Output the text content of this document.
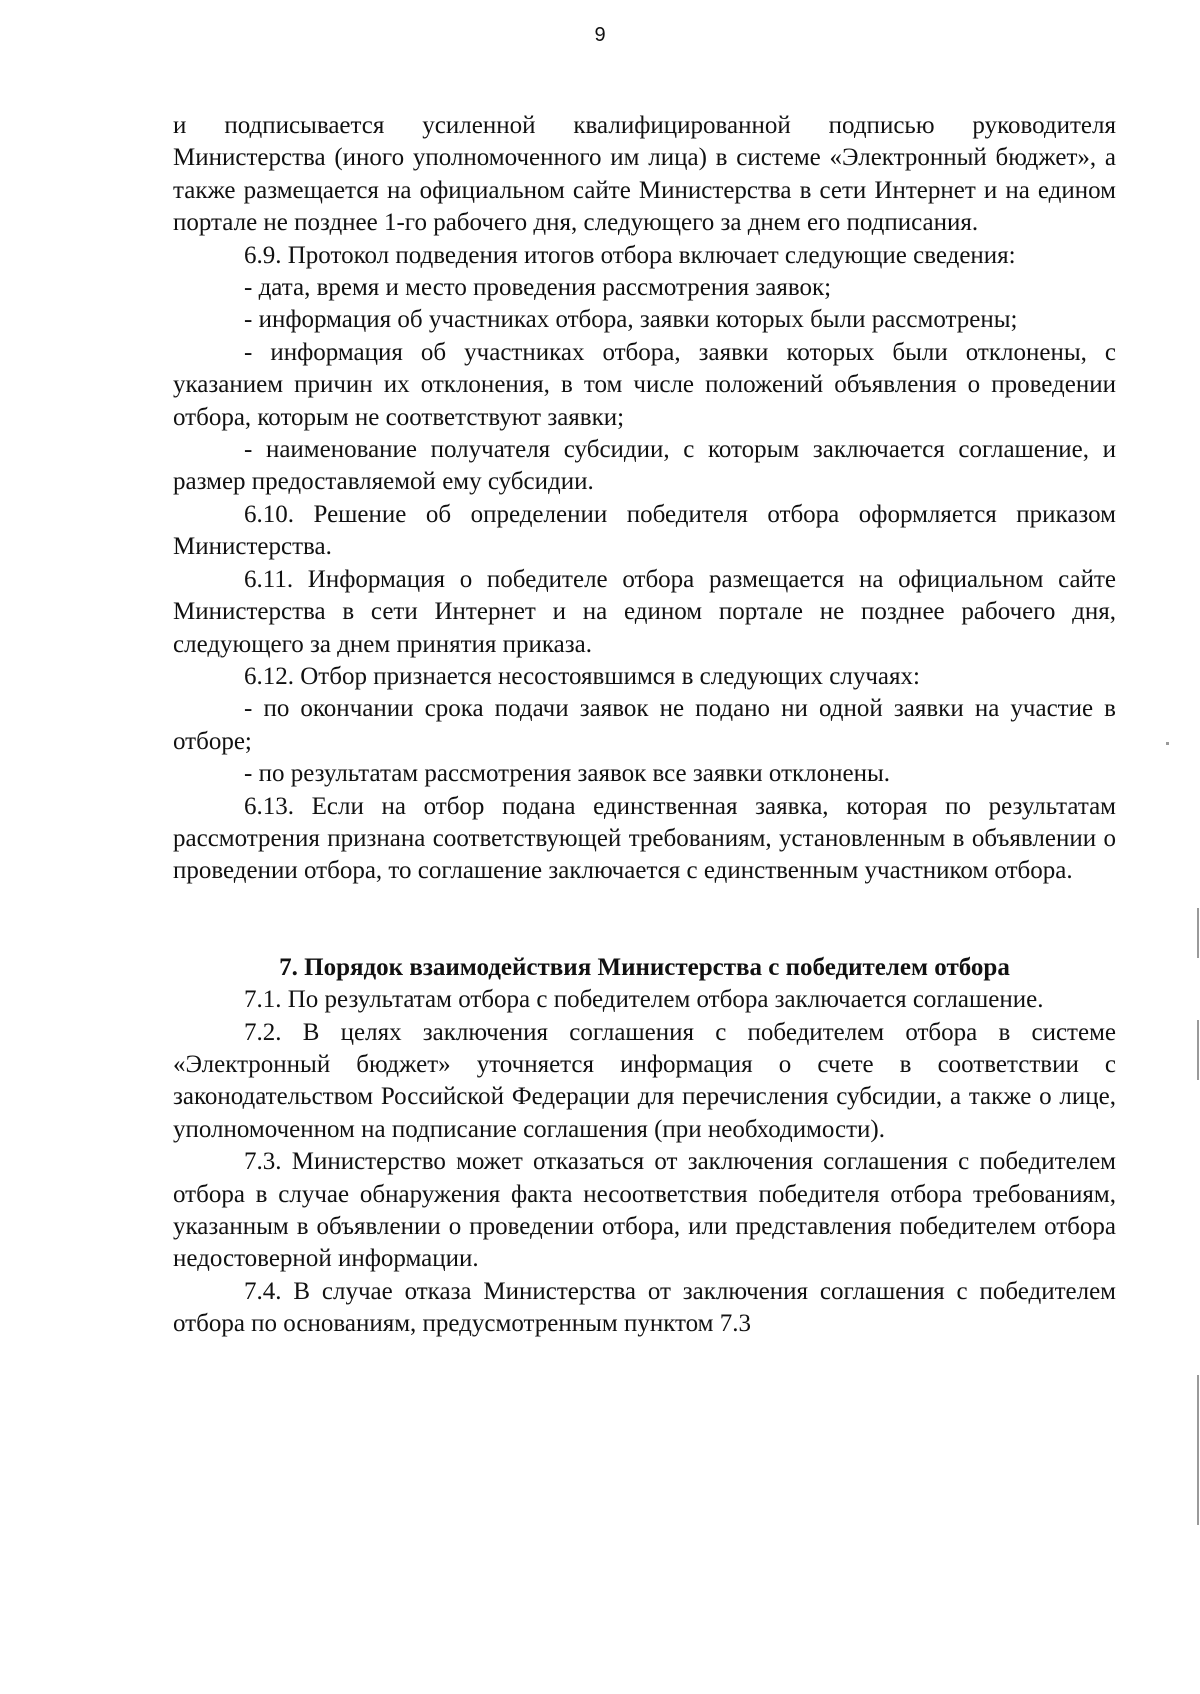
9

и подписывается усиленной квалифицированной подписью руководителя Министерства (иного уполномоченного им лица) в системе «Электронный бюджет», а также размещается на официальном сайте Министерства в сети Интернет и на едином портале не позднее 1-го рабочего дня, следующего за днем его подписания.

6.9. Протокол подведения итогов отбора включает следующие сведения:

- дата, время и место проведения рассмотрения заявок;

- информация об участниках отбора, заявки которых были рассмотрены;

- информация об участниках отбора, заявки которых были отклонены, с указанием причин их отклонения, в том числе положений объявления о проведении отбора, которым не соответствуют заявки;

- наименование получателя субсидии, с которым заключается соглашение, и размер предоставляемой ему субсидии.

6.10. Решение об определении победителя отбора оформляется приказом Министерства.

6.11. Информация о победителе отбора размещается на официальном сайте Министерства в сети Интернет и на едином портале не позднее рабочего дня, следующего за днем принятия приказа.

6.12. Отбор признается несостоявшимся в следующих случаях:

- по окончании срока подачи заявок не подано ни одной заявки на участие в отборе;

- по результатам рассмотрения заявок все заявки отклонены.

6.13. Если на отбор подана единственная заявка, которая по результатам рассмотрения признана соответствующей требованиям, установленным в объявлении о проведении отбора, то соглашение заключается с единственным участником отбора.

7. Порядок взаимодействия Министерства с победителем отбора

7.1. По результатам отбора с победителем отбора заключается соглашение.

7.2. В целях заключения соглашения с победителем отбора в системе «Электронный бюджет» уточняется информация о счете в соответствии с законодательством Российской Федерации для перечисления субсидии, а также о лице, уполномоченном на подписание соглашения (при необходимости).

7.3. Министерство может отказаться от заключения соглашения с победителем отбора в случае обнаружения факта несоответствия победителя отбора требованиям, указанным в объявлении о проведении отбора, или представления победителем отбора недостоверной информации.

7.4. В случае отказа Министерства от заключения соглашения с победителем отбора по основаниям, предусмотренным пунктом 7.3
